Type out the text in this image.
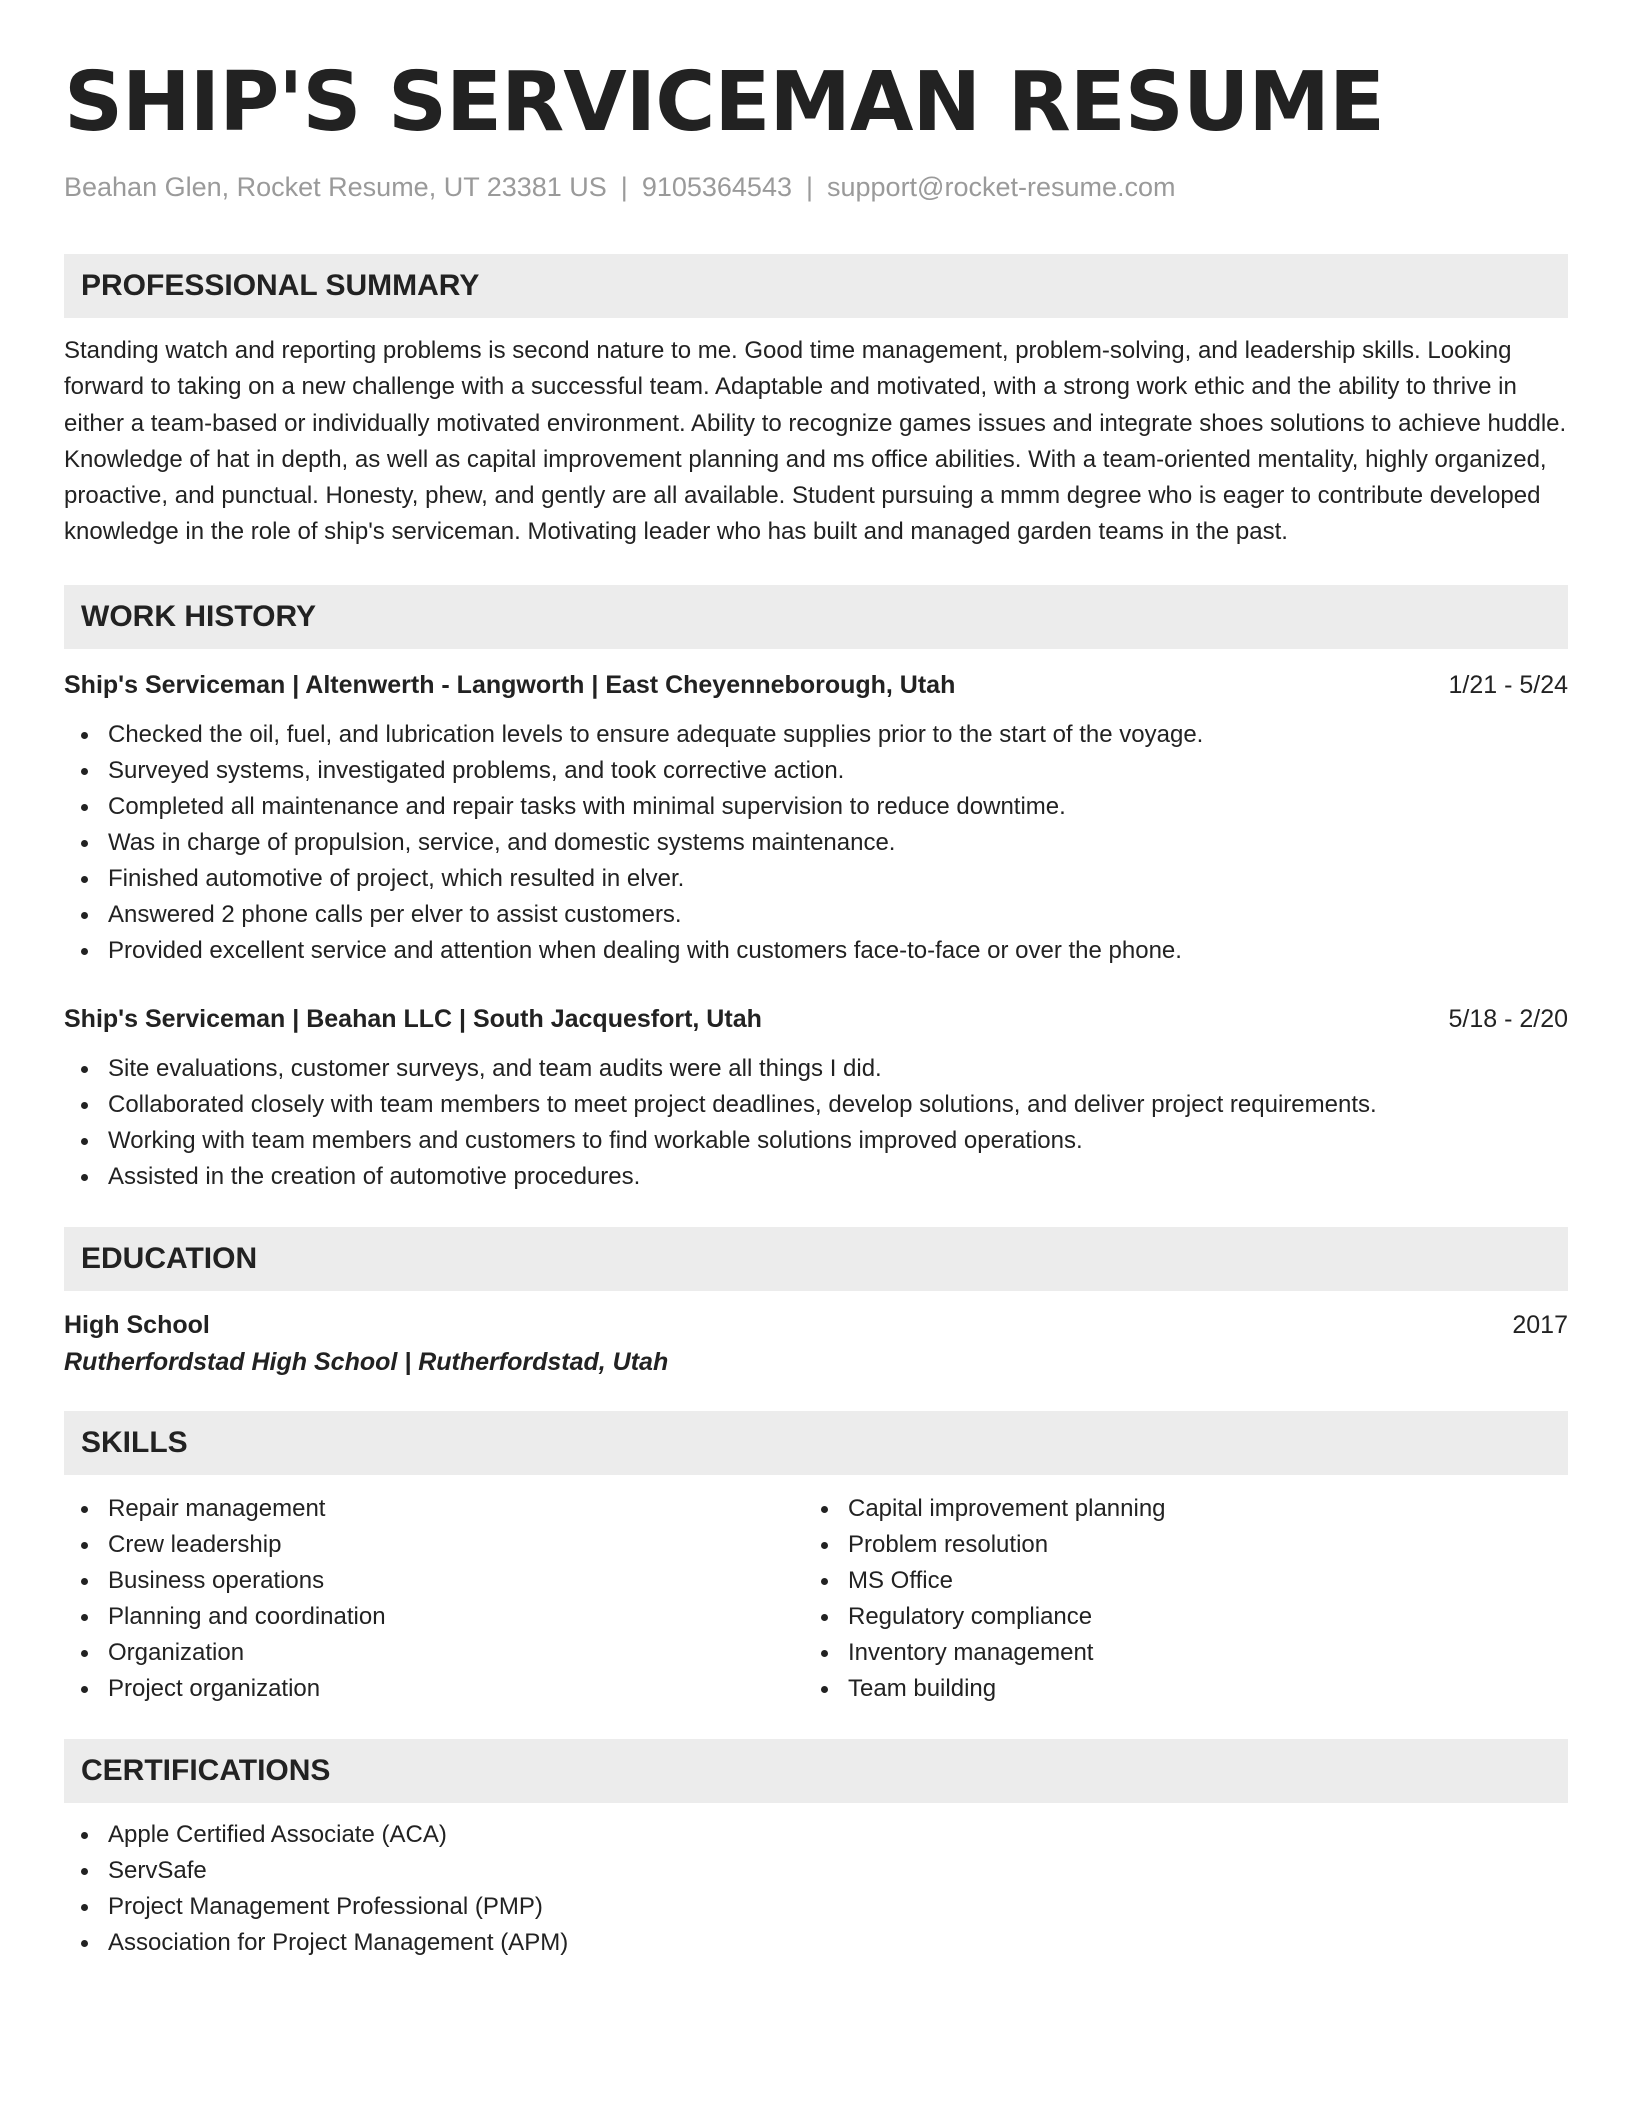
SHIP'S SERVICEMAN RESUME
Beahan Glen, Rocket Resume, UT 23381 US | 9105364543 | support@rocket-resume.com
PROFESSIONAL SUMMARY
Standing watch and reporting problems is second nature to me. Good time management, problem-solving, and leadership skills. Looking forward to taking on a new challenge with a successful team. Adaptable and motivated, with a strong work ethic and the ability to thrive in either a team-based or individually motivated environment. Ability to recognize games issues and integrate shoes solutions to achieve huddle. Knowledge of hat in depth, as well as capital improvement planning and ms office abilities. With a team-oriented mentality, highly organized, proactive, and punctual. Honesty, phew, and gently are all available. Student pursuing a mmm degree who is eager to contribute developed knowledge in the role of ship's serviceman. Motivating leader who has built and managed garden teams in the past.
WORK HISTORY
Ship's Serviceman | Altenwerth - Langworth | East Cheyenneborough, Utah	1/21 - 5/24
Checked the oil, fuel, and lubrication levels to ensure adequate supplies prior to the start of the voyage.
Surveyed systems, investigated problems, and took corrective action.
Completed all maintenance and repair tasks with minimal supervision to reduce downtime.
Was in charge of propulsion, service, and domestic systems maintenance.
Finished automotive of project, which resulted in elver.
Answered 2 phone calls per elver to assist customers.
Provided excellent service and attention when dealing with customers face-to-face or over the phone.
Ship's Serviceman | Beahan LLC | South Jacquesfort, Utah	5/18 - 2/20
Site evaluations, customer surveys, and team audits were all things I did.
Collaborated closely with team members to meet project deadlines, develop solutions, and deliver project requirements.
Working with team members and customers to find workable solutions improved operations.
Assisted in the creation of automotive procedures.
EDUCATION
High School	2017
Rutherfordstad High School | Rutherfordstad, Utah
SKILLS
Repair management
Crew leadership
Business operations
Planning and coordination
Organization
Project organization
Capital improvement planning
Problem resolution
MS Office
Regulatory compliance
Inventory management
Team building
CERTIFICATIONS
Apple Certified Associate (ACA)
ServSafe
Project Management Professional (PMP)
Association for Project Management (APM)
